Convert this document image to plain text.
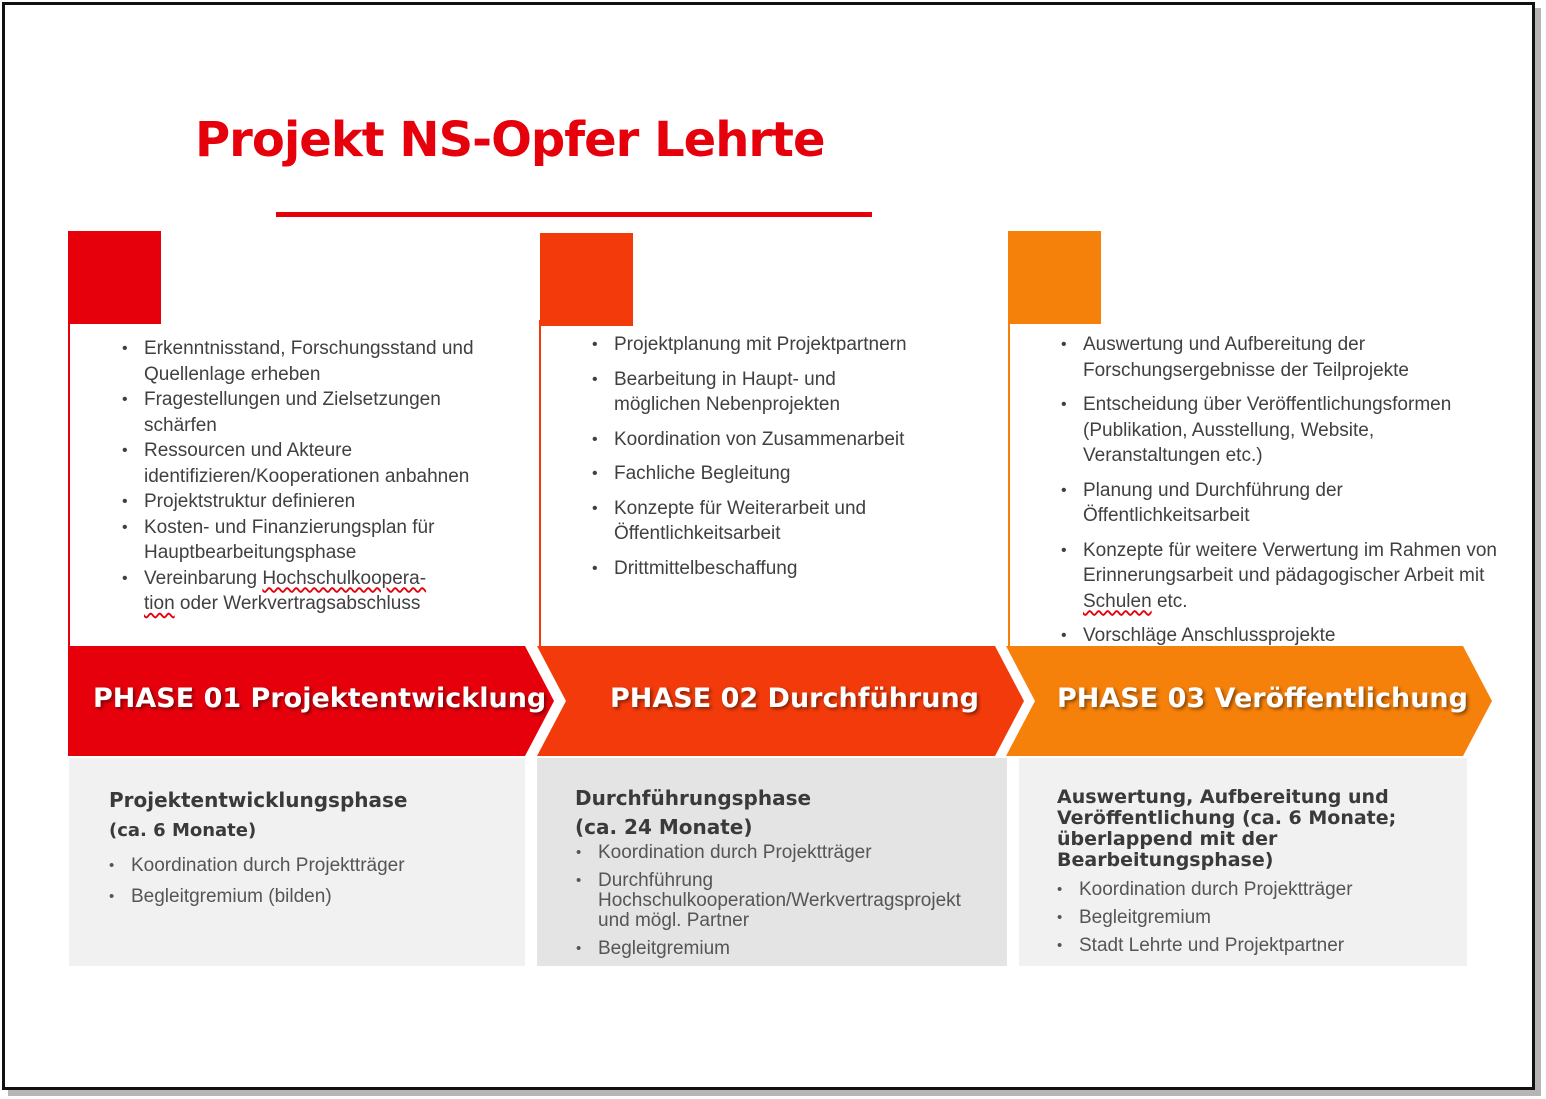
Projekt NS-Opfer Lehrte
• Erkenntnisstand, Forschungsstand und Quellenlage erheben
• Fragestellungen und Zielsetzungen schärfen
• Ressourcen und Akteure identifizieren/Kooperationen anbahnen
• Projektstruktur definieren
• Kosten- und Finanzierungsplan für Hauptbearbeitungsphase
• Vereinbarung Hochschulkoopera-
tion oder Werkvertragsabschluss
• Projektplanung mit Projektpartnern
• Bearbeitung in Haupt- und möglichen Nebenprojekten
• Koordination von Zusammenarbeit
• Fachliche Begleitung
• Konzepte für Weiterarbeit und Öffentlichkeitsarbeit
• Drittmittelbeschaffung
• Auswertung und Aufbereitung der Forschungsergebnisse der Teilprojekte
• Entscheidung über Veröffentlichungsformen (Publikation, Ausstellung, Website, Veranstaltungen etc.)
• Planung und Durchführung der Öffentlichkeitsarbeit
• Konzepte für weitere Verwertung im Rahmen von Erinnerungsarbeit und pädagogischer Arbeit mit Schulen etc.
• Vorschläge Anschlussprojekte
PHASE 01 Projektentwicklung PHASE 02 Durchführung	PHASE 03 Veröffentlichung
Projektentwicklungsphase
(ca. 6 Monate)
• Koordination durch Projektträger
• Begleitgremium (bilden)
Durchführungsphase
(ca. 24 Monate)
• Koordination durch Projektträger
• Durchführung Hochschulkooperation/Werkvertragsprojekt und mögl. Partner
• Begleitgremium
Auswertung, Aufbereitung und Veröffentlichung (ca. 6 Monate; überlappend mit der Bearbeitungsphase)
• Koordination durch Projektträger
• Begleitgremium
• Stadt Lehrte und Projektpartner
